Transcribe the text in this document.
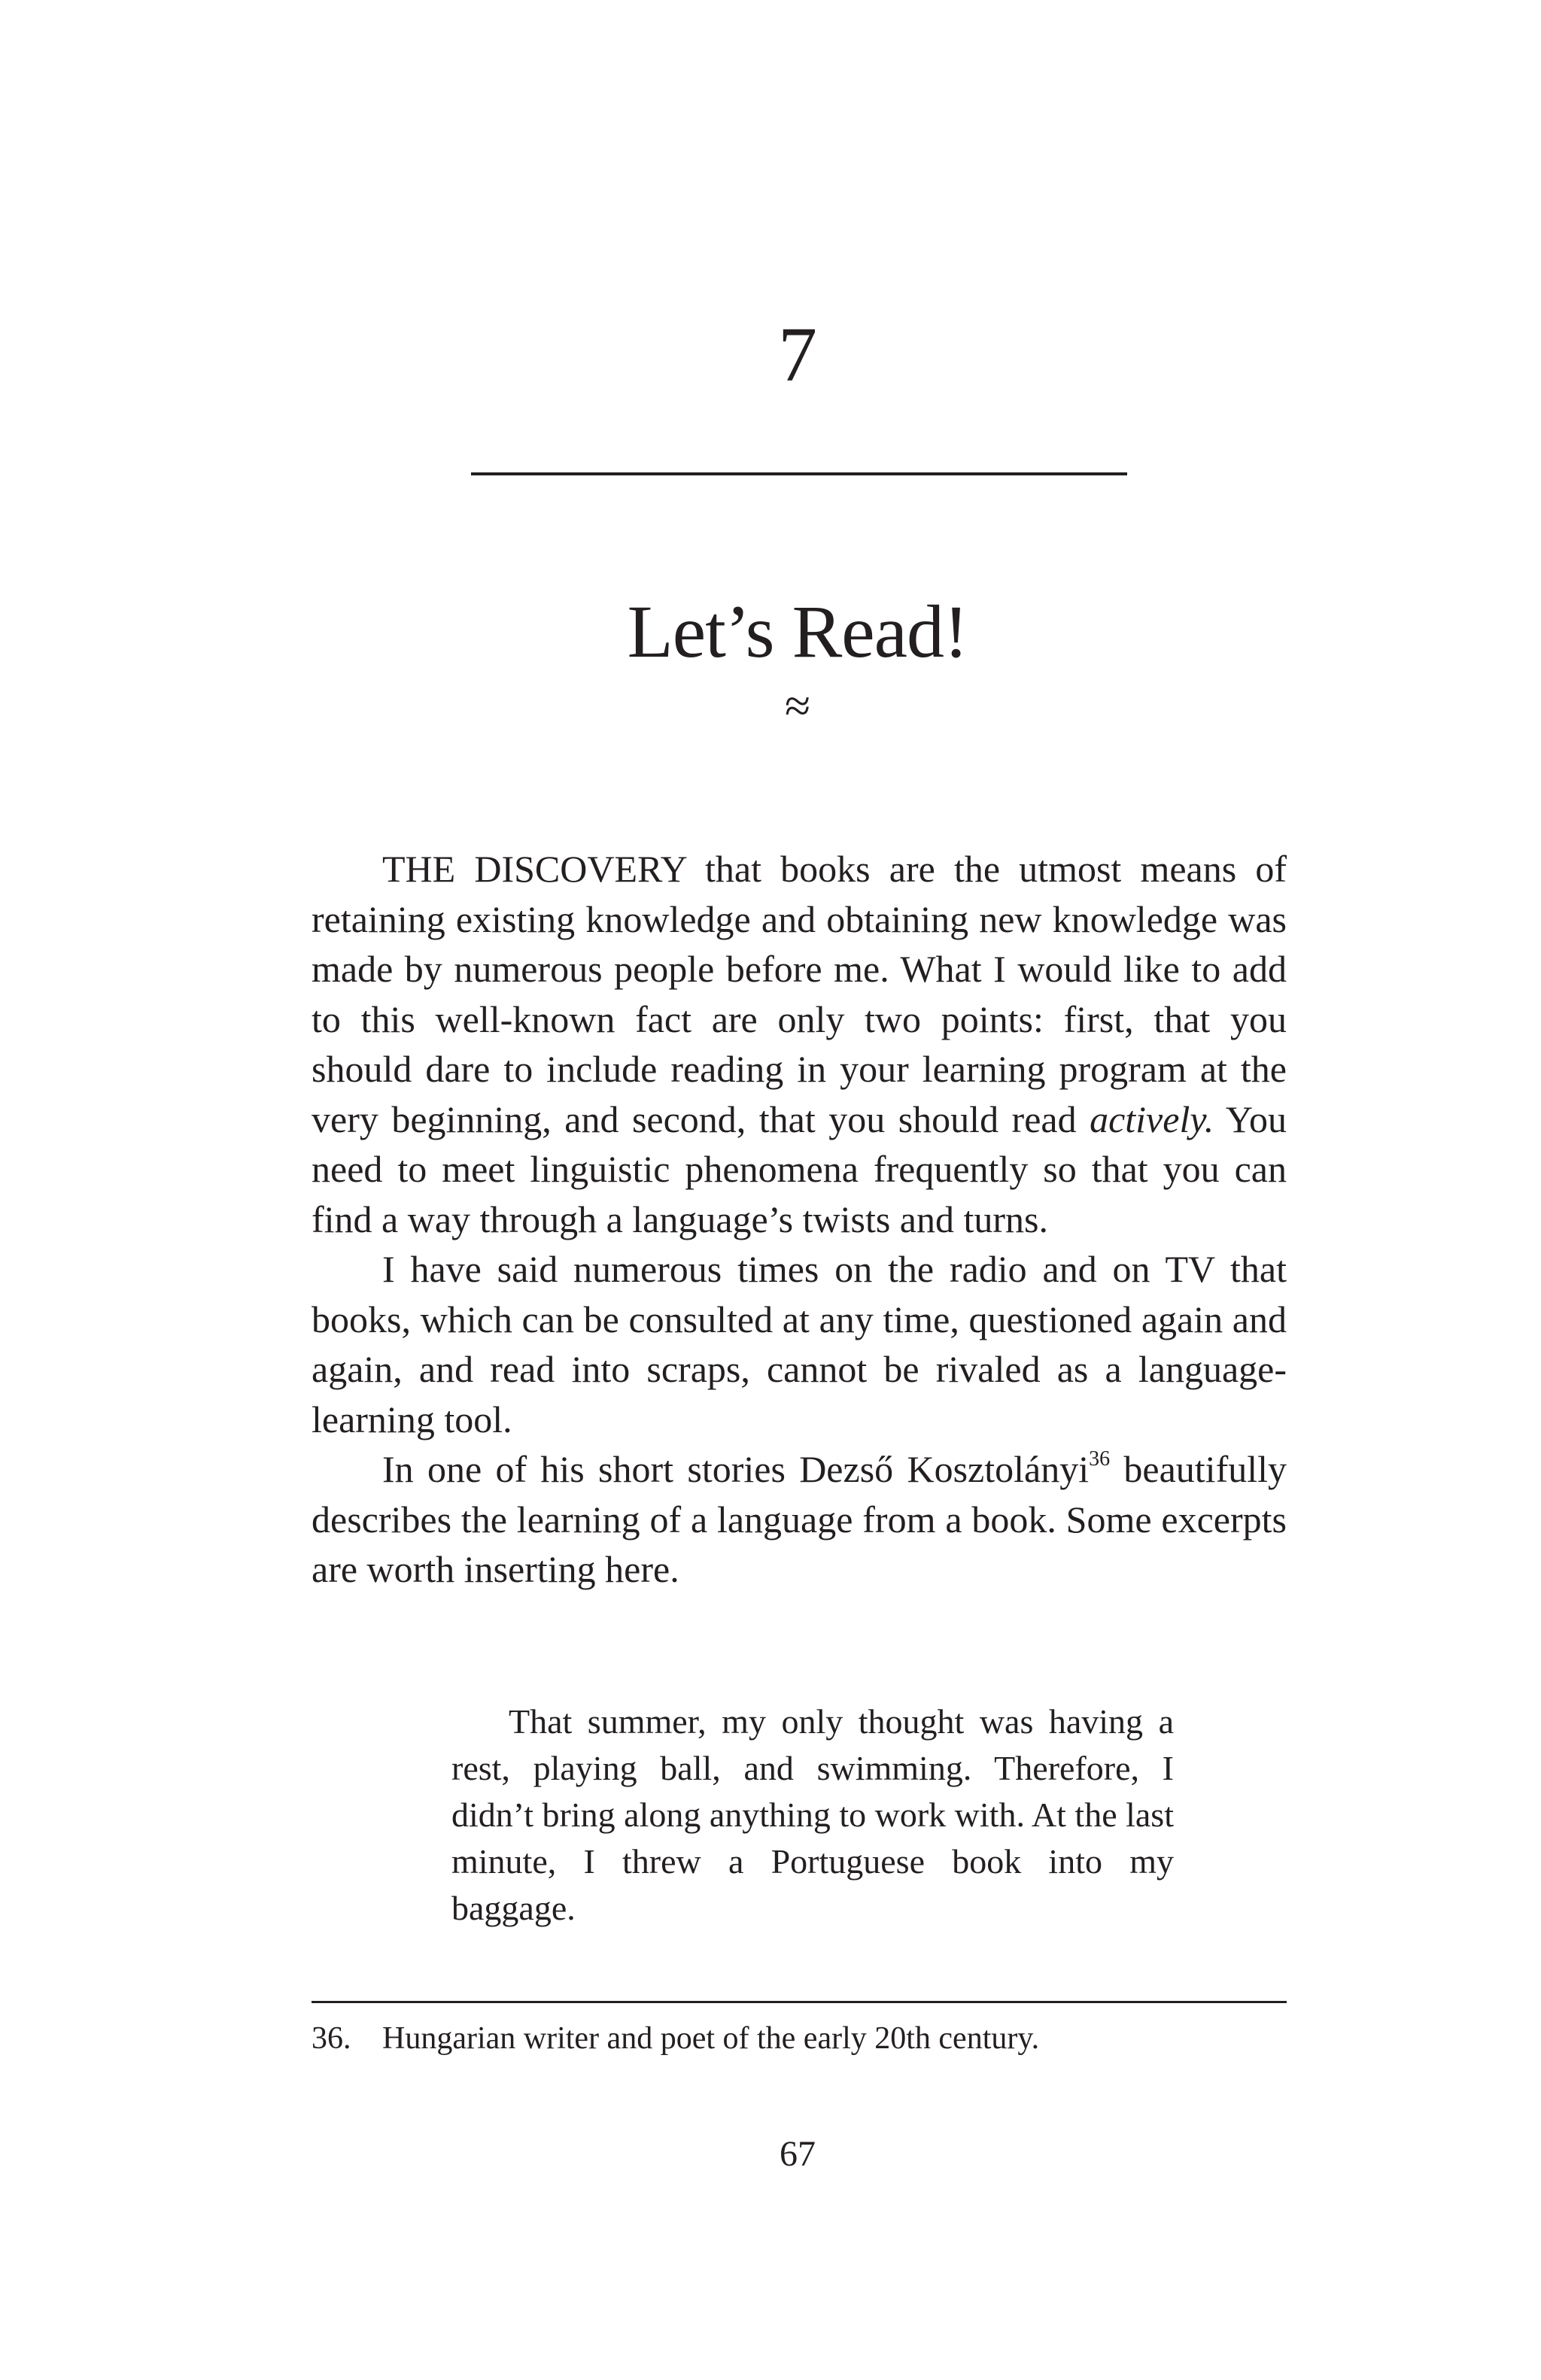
7
Let’s Read!
≈

THE DISCOVERY that books are the utmost means of retaining existing knowledge and obtaining new knowledge was made by numerous people before me. What I would like to add to this well-known fact are only two points: first, that you should dare to include reading in your learning program at the very beginning, and second, that you should read actively. You need to meet linguistic phenomena frequently so that you can find a way through a language’s twists and turns.

I have said numerous times on the radio and on TV that books, which can be consulted at any time, questioned again and again, and read into scraps, cannot be rivaled as a language-learning tool.

In one of his short stories Dezső Kosztolányi$^{36}$ beautifully describes the learning of a language from a book. Some excerpts are worth inserting here.

That summer, my only thought was having a rest, playing ball, and swimming. Therefore, I didn’t bring along anything to work with. At the last minute, I threw a Portuguese book into my baggage.

36. Hungarian writer and poet of the early 20th century.
67
